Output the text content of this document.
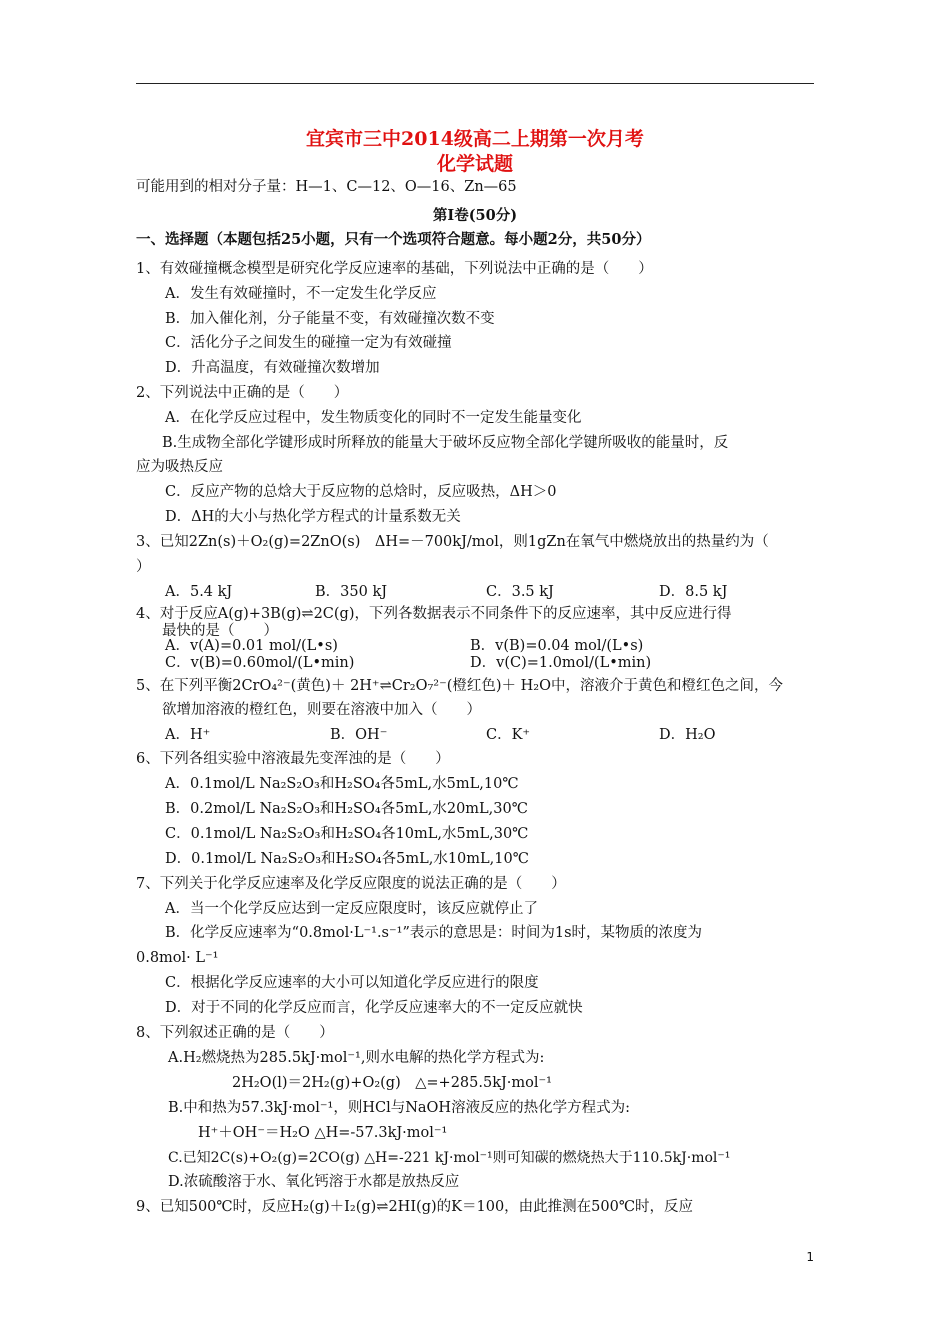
宜宾市三中2014级高二上期第一次月考
化学试题
可能用到的相对分子量：H—1、C—12、O—16、Zn—65
第Ⅰ卷(50分)
一、选择题（本题包括25小题，只有一个选项符合题意。每小题2分，共50分）
1、有效碰撞概念模型是研究化学反应速率的基础，下列说法中正确的是（　　）
A．发生有效碰撞时，不一定发生化学反应
B．加入催化剂，分子能量不变，有效碰撞次数不变
C．活化分子之间发生的碰撞一定为有效碰撞
D．升高温度，有效碰撞次数增加
2、下列说法中正确的是（　　）
A．在化学反应过程中，发生物质变化的同时不一定发生能量变化
B.生成物全部化学键形成时所释放的能量大于破坏反应物全部化学键所吸收的能量时，反
应为吸热反应
C．反应产物的总焓大于反应物的总焓时，反应吸热，ΔH＞0
D．ΔH的大小与热化学方程式的计量系数无关
3、已知2Zn(s)＋O₂(g)=2ZnO(s)　ΔH=－700kJ/mol，则1gZn在氧气中燃烧放出的热量约为（
）
A．5.4 kJ	B．350 kJ	C．3.5 kJ	D．8.5 kJ
4、对于反应A(g)+3B(g)⇌2C(g)，下列各数据表示不同条件下的反应速率，其中反应进行得
最快的是（　　）
A．v(A)=0.01 mol/(L•s)	B．v(B)=0.04 mol/(L•s)
C．v(B)=0.60mol/(L•min)	D．v(C)=1.0mol/(L•min)
5、在下列平衡2CrO₄²⁻(黄色)＋ 2H⁺⇌Cr₂O₇²⁻(橙红色)＋ H₂O中，溶液介于黄色和橙红色之间，今
欲增加溶液的橙红色，则要在溶液中加入（　　）
A．H⁺	B．OH⁻	C．K⁺	D．H₂O
6、下列各组实验中溶液最先变浑浊的是（　　）
A．0.1mol/L Na₂S₂O₃和H₂SO₄各5mL,水5mL,10℃
B．0.2mol/L Na₂S₂O₃和H₂SO₄各5mL,水20mL,30℃
C．0.1mol/L Na₂S₂O₃和H₂SO₄各10mL,水5mL,30℃
D．0.1mol/L Na₂S₂O₃和H₂SO₄各5mL,水10mL,10℃
7、下列关于化学反应速率及化学反应限度的说法正确的是（　　）
A．当一个化学反应达到一定反应限度时，该反应就停止了
B．化学反应速率为“0.8mol·L⁻¹.s⁻¹”表示的意思是：时间为1s时，某物质的浓度为
0.8mol· L⁻¹
C．根据化学反应速率的大小可以知道化学反应进行的限度
D．对于不同的化学反应而言，化学反应速率大的不一定反应就快
8、下列叙述正确的是（　　）
A.H₂燃烧热为285.5kJ·mol⁻¹,则水电解的热化学方程式为:
2H₂O(l)＝2H₂(g)+O₂(g)　△=+285.5kJ·mol⁻¹
B.中和热为57.3kJ·mol⁻¹，则HCl与NaOH溶液反应的热化学方程式为:
H⁺＋OH⁻＝H₂O △H=-57.3kJ·mol⁻¹
C.已知2C(s)+O₂(g)=2CO(g) △H=-221 kJ·mol⁻¹则可知碳的燃烧热大于110.5kJ·mol⁻¹
D.浓硫酸溶于水、氧化钙溶于水都是放热反应
9、已知500℃时，反应H₂(g)＋I₂(g)⇌2HI(g)的K＝100，由此推测在500℃时，反应
1
